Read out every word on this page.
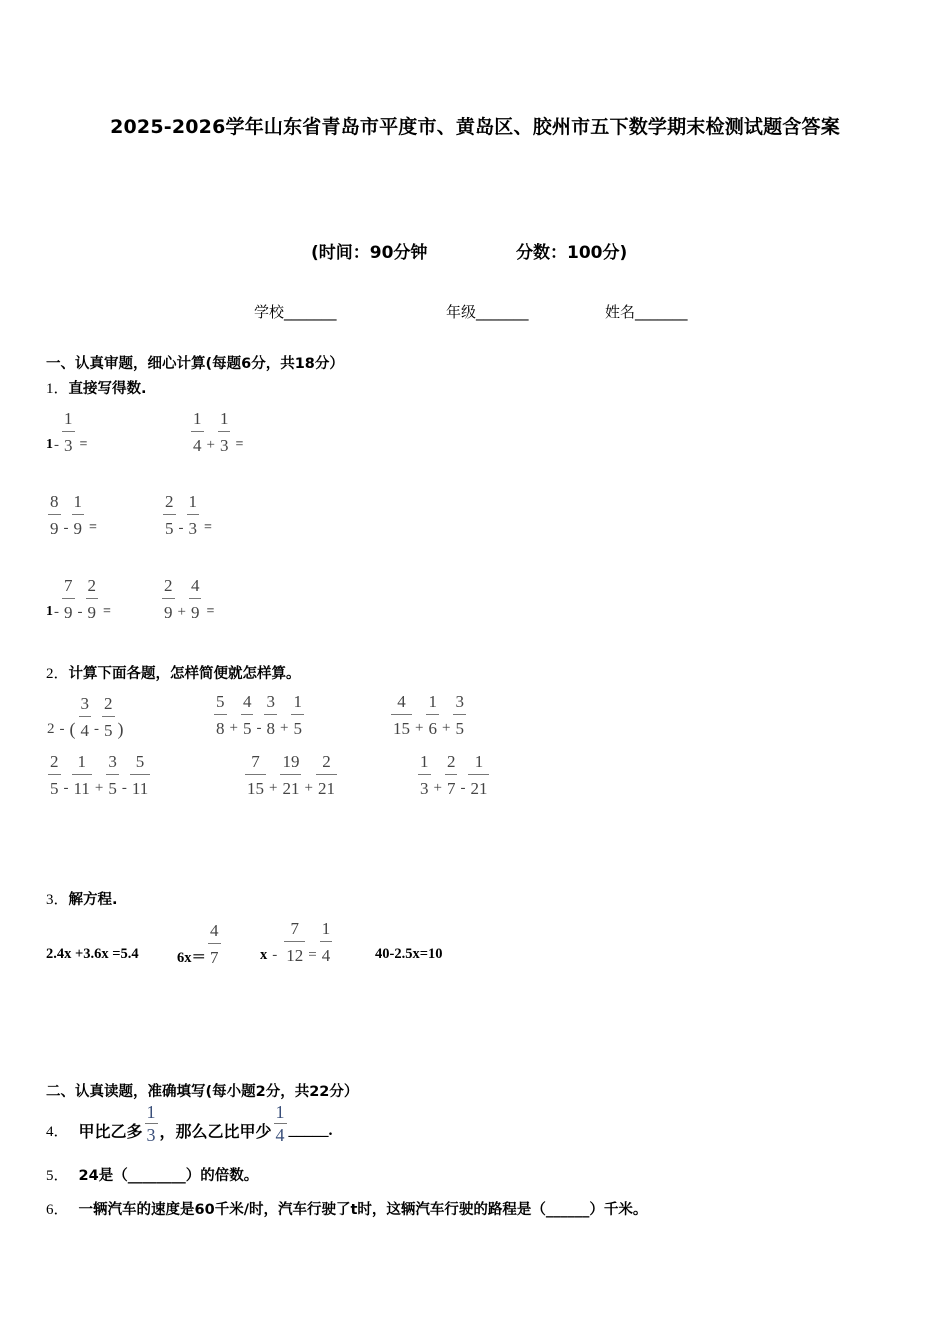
2025-2026学年山东省青岛市平度市、黄岛区、胶州市五下数学期末检测试题含答案
(时间：90分钟	分数：100分)
学校_______	年级_______	姓名_______
一、认真审题，细心计算(每题6分，共18分）
1．直接写得数.
$1 - \frac{1}{3}$ =	$\frac{1}{4} + \frac{1}{3}$ =
$\frac{8}{9} - \frac{1}{9}$ =	$\frac{2}{5} - \frac{1}{3}$ =
$1 - \frac{7}{9} - \frac{2}{9}$ =	$\frac{2}{9} + \frac{4}{9}$ =
2．计算下面各题，怎样简便就怎样算。
2 - ( $\frac{3}{4} - \frac{2}{5}$ )	$\frac{5}{8} + \frac{4}{5} - \frac{3}{8} + \frac{1}{5}$	$\frac{4}{15} + \frac{1}{6} + \frac{3}{5}$
$\frac{2}{5} - \frac{1}{11} + \frac{3}{5} - \frac{5}{11}$	$\frac{7}{15} + \frac{19}{21} + \frac{2}{21}$	$\frac{1}{3} + \frac{2}{7} - \frac{1}{21}$
3．解方程.
2.4x +3.6x =5.4	$6x= \frac{4}{7}$	$x - \frac{7}{12} = \frac{1}{4}$	40-2.5x=10
二、认真读题，准确填写(每小题2分，共22分）
4． 甲比乙多 $\frac{1}{3}$ ，那么乙比甲少 $\frac{1}{4}$ _____.
5． 24是（________）的倍数。
6． 一辆汽车的速度是60千米/时，汽车行驶了t时，这辆汽车行驶的路程是（______）千米。
